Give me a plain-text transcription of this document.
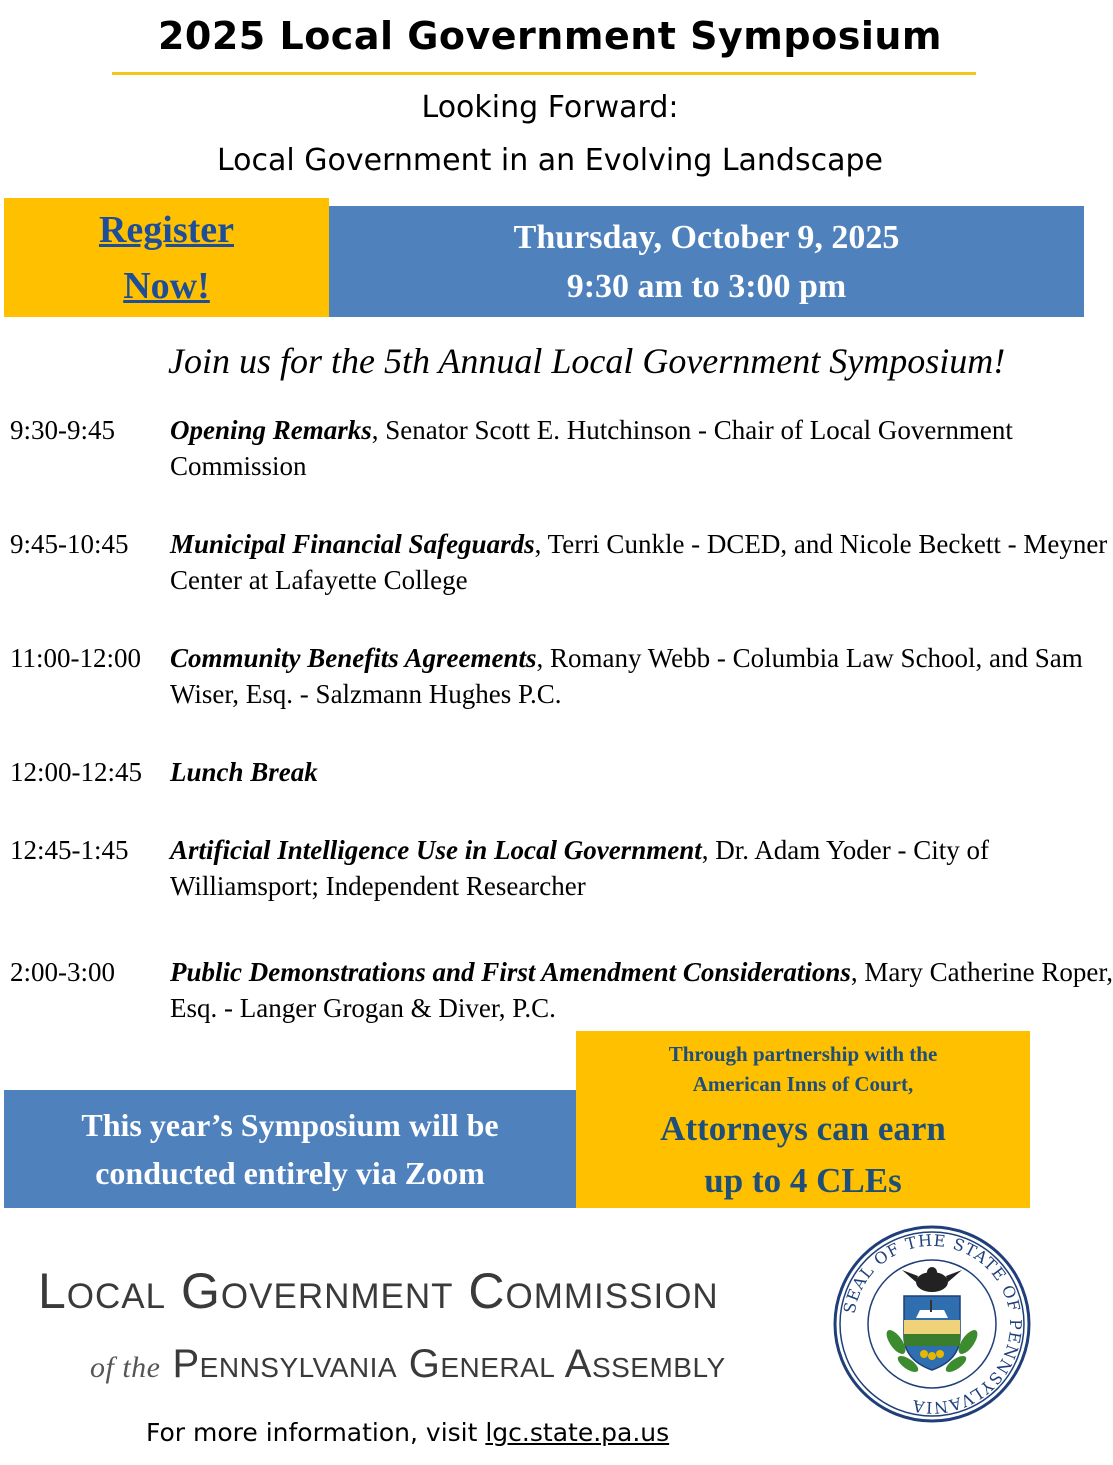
2025 Local Government Symposium
Looking Forward:
Local Government in an Evolving Landscape
Register
Now!
Thursday, October 9, 2025
9:30 am to 3:00 pm
Join us for the 5th Annual Local Government Symposium!
9:30-9:45 Opening Remarks, Senator Scott E. Hutchinson - Chair of Local Government Commission
9:45-10:45 Municipal Financial Safeguards, Terri Cunkle - DCED, and Nicole Beckett - Meyner Center at Lafayette College
11:00-12:00 Community Benefits Agreements, Romany Webb - Columbia Law School, and Sam Wiser, Esq. - Salzmann Hughes P.C.
12:00-12:45 Lunch Break
12:45-1:45 Artificial Intelligence Use in Local Government, Dr. Adam Yoder - City of Williamsport; Independent Researcher
2:00-3:00 Public Demonstrations and First Amendment Considerations, Mary Catherine Roper, Esq. - Langer Grogan & Diver, P.C.
This year’s Symposium will be
conducted entirely via Zoom
Through partnership with the
American Inns of Court,
Attorneys can earn
up to 4 CLEs
Local Government Commission
of the Pennsylvania General Assembly
For more information, visit lgc.state.pa.us
SEAL OF THE STATE OF PENNSYLVANIA
